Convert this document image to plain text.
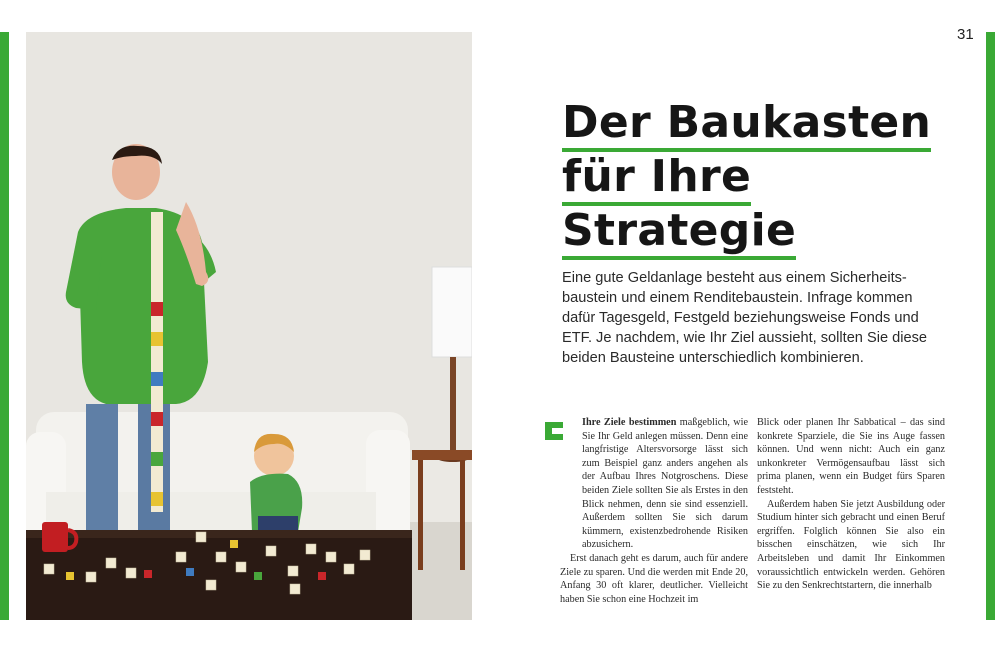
31
Der Baukasten
für Ihre
Strategie

Eine gute Geldanlage besteht aus einem Sicherheits-

baustein und einem Renditebaustein. Infrage kommen

dafür Tagesgeld, Festgeld beziehungsweise Fonds und

ETF. Je nachdem, wie Ihr Ziel aussieht, sollten Sie diese

beiden Bausteine unterschiedlich kombinieren.

Ihre Ziele bestimmen maßgeblich, wie Sie Ihr Geld anlegen müssen. Denn eine langfristige Altersvorsorge lässt sich zum Beispiel ganz anders angehen als der Aufbau Ihres Notgroschens. Diese beiden Ziele sollten Sie als Erstes in den Blick nehmen, denn sie sind essenziell. Außerdem sollten Sie sich darum kümmern, existenzbedrohende Risiken abzusichern.

Erst danach geht es darum, auch für andere Ziele zu sparen. Und die werden mit Ende 20, Anfang 30 oft klarer, deutlicher. Vielleicht haben Sie schon eine Hochzeit im

Blick oder planen Ihr Sabbatical – das sind konkrete Sparziele, die Sie ins Auge fassen können. Und wenn nicht: Auch ein ganz unkonkreter Vermögensaufbau lässt sich prima planen, wenn ein Budget fürs Sparen feststeht.

Außerdem haben Sie jetzt Ausbildung oder Studium hinter sich gebracht und einen Beruf ergriffen. Folglich können Sie also ein bisschen einschätzen, wie sich Ihr Arbeitsleben und damit Ihr Einkommen voraussichtlich entwickeln werden. Gehören Sie zu den Senkrechtstartern, die innerhalb
